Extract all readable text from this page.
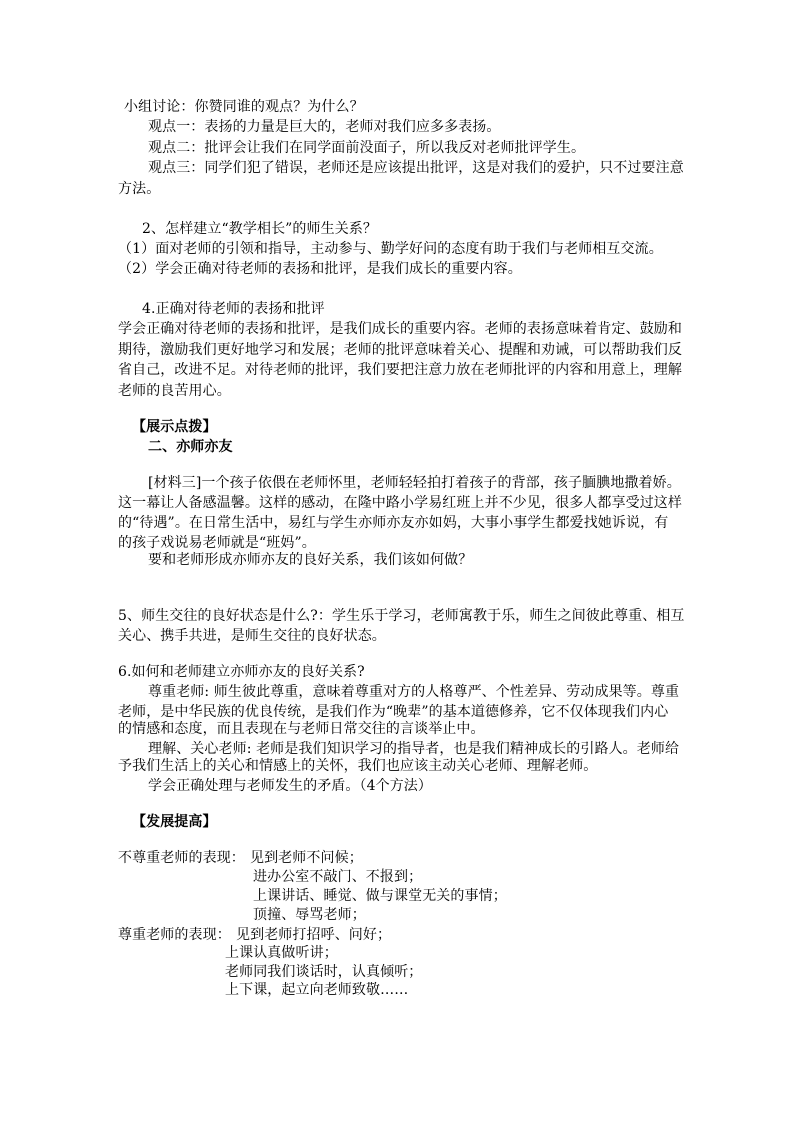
小组讨论：你赞同谁的观点？为什么？
观点一：表扬的力量是巨大的，老师对我们应多多表扬。
观点二：批评会让我们在同学面前没面子，所以我反对老师批评学生。
观点三：同学们犯了错误，老师还是应该提出批评，这是对我们的爱护，只不过要注意
方法。
2、怎样建立“教学相长”的师生关系？
（1）面对老师的引领和指导，主动参与、勤学好问的态度有助于我们与老师相互交流。
（2）学会正确对待老师的表扬和批评，是我们成长的重要内容。
4.正确对待老师的表扬和批评
学会正确对待老师的表扬和批评，是我们成长的重要内容。老师的表扬意味着肯定、鼓励和
期待，激励我们更好地学习和发展；老师的批评意味着关心、提醒和劝诫，可以帮助我们反
省自己，改进不足。对待老师的批评，我们要把注意力放在老师批评的内容和用意上，理解
老师的良苦用心。
【展示点拨】
二、亦师亦友
[材料三]一个孩子依偎在老师怀里，老师轻轻拍打着孩子的背部，孩子腼腆地撒着娇。
这一幕让人备感温馨。这样的感动，在隆中路小学易红班上并不少见，很多人都享受过这样
的“待遇”。在日常生活中，易红与学生亦师亦友亦如妈，大事小事学生都爱找她诉说，有
的孩子戏说易老师就是“班妈”。
要和老师形成亦师亦友的良好关系，我们该如何做？
5、师生交往的良好状态是什么?：学生乐于学习，老师寓教于乐，师生之间彼此尊重、相互
关心、携手共进，是师生交往的良好状态。
6.如何和老师建立亦师亦友的良好关系?
尊重老师: 师生彼此尊重，意味着尊重对方的人格尊严、个性差异、劳动成果等。尊重
老师，是中华民族的优良传统，是我们作为“晚辈”的基本道德修养，它不仅体现我们内心
的情感和态度，而且表现在与老师日常交往的言谈举止中。
理解、关心老师: 老师是我们知识学习的指导者，也是我们精神成长的引路人。老师给
予我们生活上的关心和情感上的关怀，我们也应该主动关心老师、理解老师。
学会正确处理与老师发生的矛盾。（4个方法）
【发展提高】
不尊重老师的表现： 见到老师不问候；
进办公室不敲门、不报到；
上课讲话、睡觉、做与课堂无关的事情；
顶撞、辱骂老师；
尊重老师的表现： 见到老师打招呼、问好；
上课认真做听讲；
老师同我们谈话时，认真倾听；
上下课，起立向老师致敬……
